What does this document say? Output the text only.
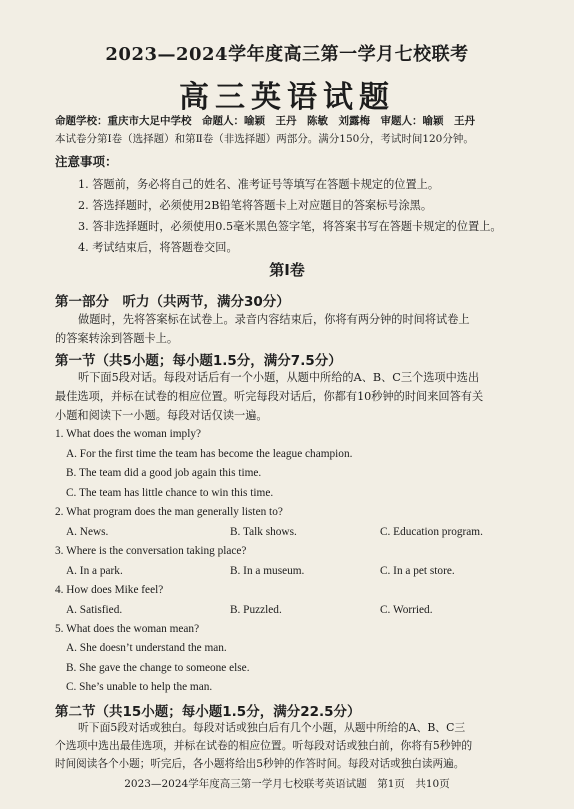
2023—2024学年度高三第一学月七校联考
高三英语试题
命题学校：重庆市大足中学校　命题人：喻颖　王丹　陈敏　刘露梅　审题人：喻颖　王丹
本试卷分第Ⅰ卷（选择题）和第Ⅱ卷（非选择题）两部分。满分150分，考试时间120分钟。
注意事项：
1. 答题前，务必将自己的姓名、准考证号等填写在答题卡规定的位置上。
2. 答选择题时，必须使用2B铅笔将答题卡上对应题目的答案标号涂黑。
3. 答非选择题时，必须使用0.5毫米黑色签字笔，将答案书写在答题卡规定的位置上。
4. 考试结束后，将答题卷交回。
第Ⅰ卷
第一部分　听力（共两节，满分30分）
做题时，先将答案标在试卷上。录音内容结束后，你将有两分钟的时间将试卷上
的答案转涂到答题卡上。
第一节（共5小题；每小题1.5分，满分7.5分）
听下面5段对话。每段对话后有一个小题，从题中所给的A、B、C三个选项中选出
最佳选项，并标在试卷的相应位置。听完每段对话后，你都有10秒钟的时间来回答有关
小题和阅读下一小题。每段对话仅读一遍。
1. What does the woman imply?
A. For the first time the team has become the league champion.
B. The team did a good job again this time.
C. The team has little chance to win this time.
2. What program does the man generally listen to?
A. News.	B. Talk shows.	C. Education program.
3. Where is the conversation taking place?
A. In a park.	B. In a museum.	C. In a pet store.
4. How does Mike feel?
A. Satisfied.	B. Puzzled.	C. Worried.
5. What does the woman mean?
A. She doesn’t understand the man.
B. She gave the change to someone else.
C. She’s unable to help the man.
第二节（共15小题；每小题1.5分，满分22.5分）
听下面5段对话或独白。每段对话或独白后有几个小题，从题中所给的A、B、C三
个选项中选出最佳选项，并标在试卷的相应位置。听每段对话或独白前，你将有5秒钟的
时间阅读各个小题；听完后，各小题将给出5秒钟的作答时间。每段对话或独白读两遍。
2023—2024学年度高三第一学月七校联考英语试题　第1页　共10页
